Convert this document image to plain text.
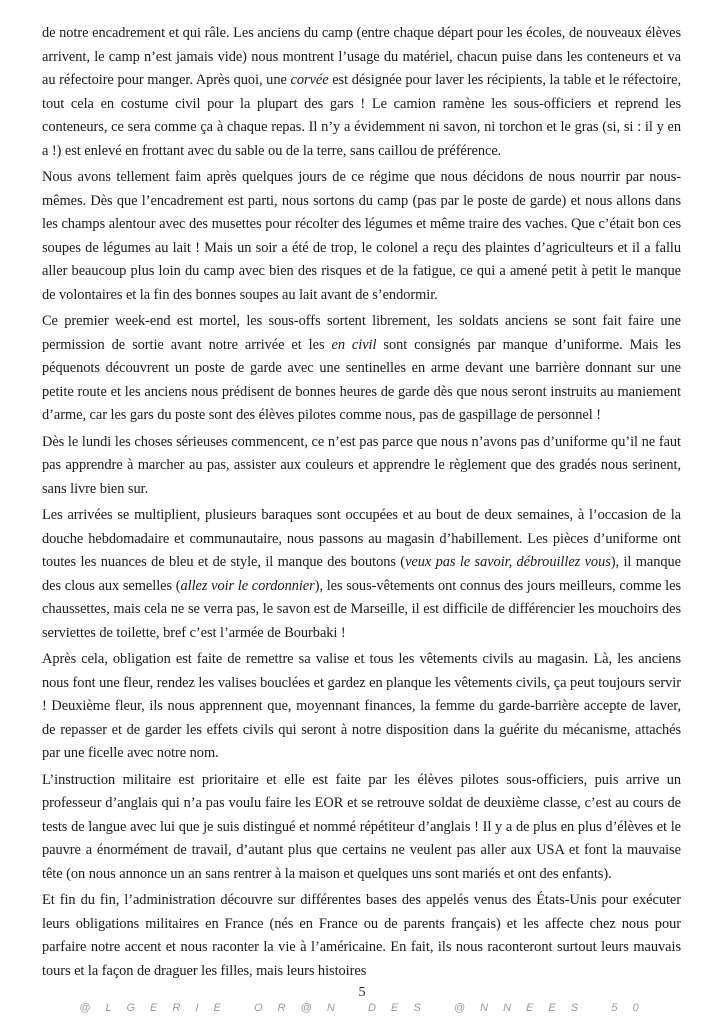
de notre encadrement et qui râle. Les anciens du camp (entre chaque départ pour les écoles, de nouveaux élèves arrivent, le camp n’est jamais vide) nous montrent l’usage du matériel, chacun puise dans les conteneurs et va au réfectoire pour manger. Après quoi, une corvée est désignée pour laver les récipients, la table et le réfectoire, tout cela en costume civil pour la plupart des gars ! Le camion ramène les sous-officiers et reprend les conteneurs, ce sera comme ça à chaque repas. Il n’y a évidemment ni savon, ni torchon et le gras (si, si : il y en a !) est enlevé en frottant avec du sable ou de la terre, sans caillou de préférence.

Nous avons tellement faim après quelques jours de ce régime que nous décidons de nous nourrir par nous-mêmes. Dès que l’encadrement est parti, nous sortons du camp (pas par le poste de garde) et nous allons dans les champs alentour avec des musettes pour récolter des légumes et même traire des vaches. Que c’était bon ces soupes de légumes au lait ! Mais un soir a été de trop, le colonel a reçu des plaintes d’agriculteurs et il a fallu aller beaucoup plus loin du camp avec bien des risques et de la fatigue, ce qui a amené petit à petit le manque de volontaires et la fin des bonnes soupes au lait avant de s’endormir.

Ce premier week-end est mortel, les sous-offs sortent librement, les soldats anciens se sont fait faire une permission de sortie avant notre arrivée et les en civil sont consignés par manque d’uniforme. Mais les péquenots découvrent un poste de garde avec une sentinelles en arme devant une barrière donnant sur une petite route et les anciens nous prédisent de bonnes heures de garde dès que nous seront instruits au maniement d’arme, car les gars du poste sont des élèves pilotes comme nous, pas de gaspillage de personnel !

Dès le lundi les choses sérieuses commencent, ce n’est pas parce que nous n’avons pas d’uniforme qu’il ne faut pas apprendre à marcher au pas, assister aux couleurs et apprendre le règlement que des gradés nous serinent, sans livre bien sur.

Les arrivées se multiplient, plusieurs baraques sont occupées et au bout de deux semaines, à l’occasion de la douche hebdomadaire et communautaire, nous passons au magasin d’habillement. Les pièces d’uniforme ont toutes les nuances de bleu et de style, il manque des boutons (veux pas le savoir, débrouillez vous), il manque des clous aux semelles (allez voir le cordonnier), les sous-vêtements ont connus des jours meilleurs, comme les chaussettes, mais cela ne se verra pas, le savon est de Marseille, il est difficile de différencier les mouchoirs des serviettes de toilette, bref c’est l’armée de Bourbaki !

Après cela, obligation est faite de remettre sa valise et tous les vêtements civils au magasin. Là, les anciens nous font une fleur, rendez les valises bouclées et gardez en planque les vêtements civils, ça peut toujours servir ! Deuxième fleur, ils nous apprennent que, moyennant finances, la femme du garde-barrière accepte de laver, de repasser et de garder les effets civils qui seront à notre disposition dans la guérite du mécanisme, attachés par une ficelle avec notre nom.

L’instruction militaire est prioritaire et elle est faite par les élèves pilotes sous-officiers, puis arrive un professeur d’anglais qui n’a pas voulu faire les EOR et se retrouve soldat de deuxième classe, c’est au cours de tests de langue avec lui que je suis distingué et nommé répétiteur d’anglais ! Il y a de plus en plus d’élèves et le pauvre a énormément de travail, d’autant plus que certains ne veulent pas aller aux USA et font la mauvaise tête (on nous annonce un an sans rentrer à la maison et quelques uns sont mariés et ont des enfants).

Et fin du fin, l’administration découvre sur différentes bases des appelés venus des États-Unis pour exécuter leurs obligations militaires en France (nés en France ou de parents français) et les affecte chez nous pour parfaire notre accent et nous raconter la vie à l’américaine. En fait, ils nous raconteront surtout leurs mauvais tours et la façon de draguer les filles, mais leurs histoires

5
@ L G E R I E   O R @ N   D E S   @ N N E E S   5 0
